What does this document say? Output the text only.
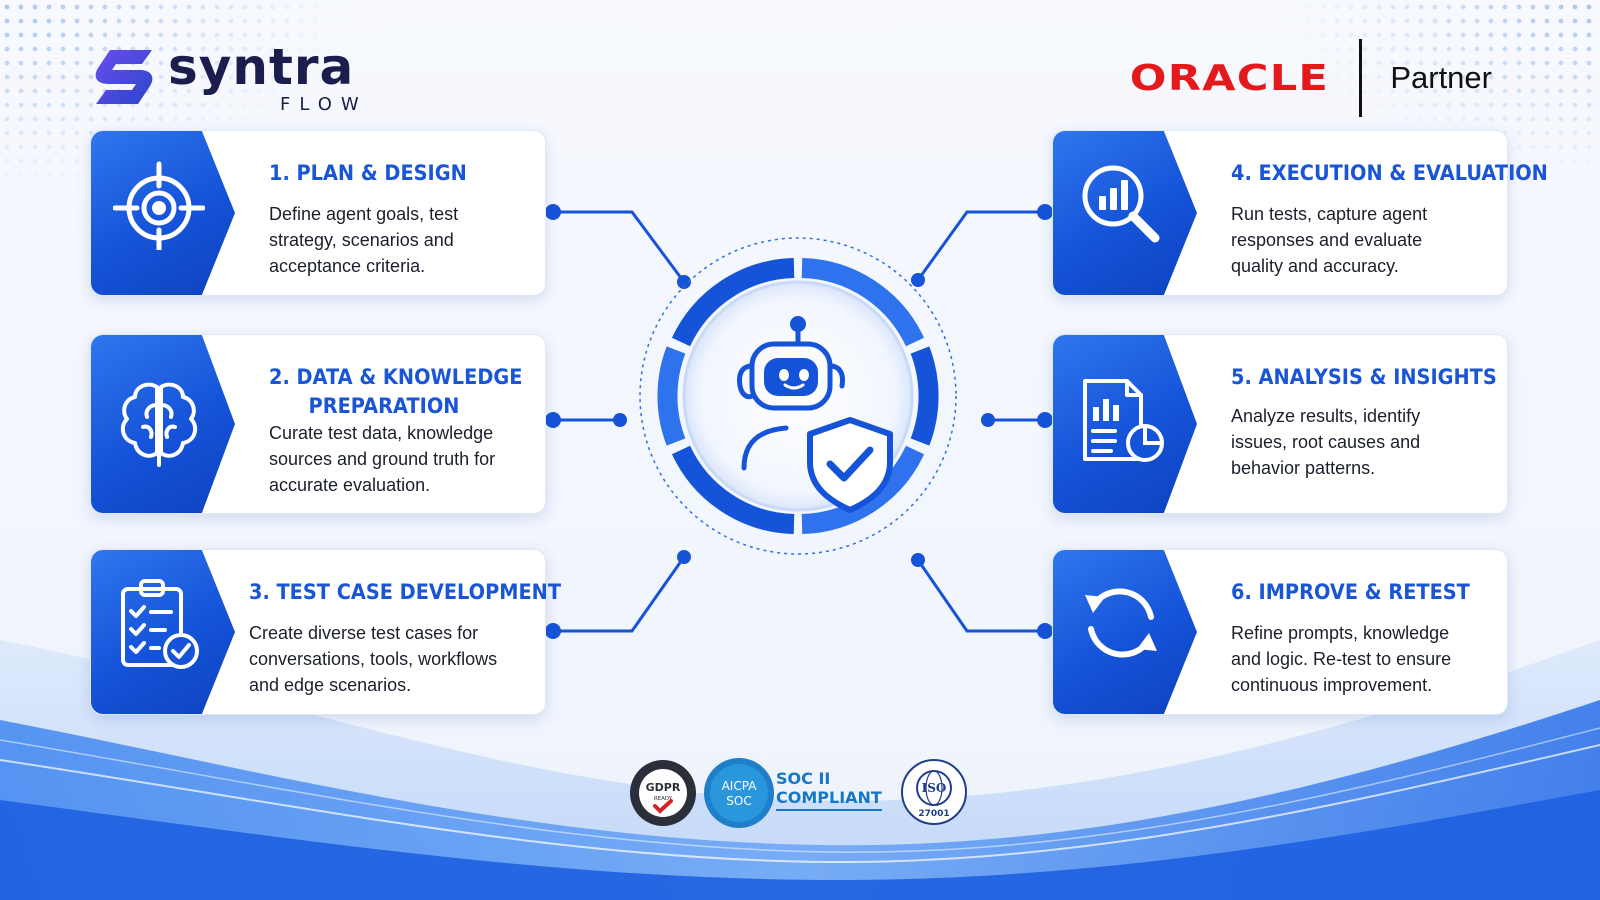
syntra
FLOW
ORACLE Partner
1. PLAN & DESIGN
Define agent goals, test strategy, scenarios and acceptance criteria.
2. DATA & KNOWLEDGE
PREPARATION
Curate test data, knowledge sources and ground truth for accurate evaluation.
3. TEST CASE DEVELOPMENT
Create diverse test cases for conversations, tools, workflows and edge scenarios.
4. EXECUTION & EVALUATION
Run tests, capture agent responses and evaluate quality and accuracy.
5. ANALYSIS & INSIGHTS
Analyze results, identify issues, root causes and behavior patterns.
6. IMPROVE & RETEST
Refine prompts, knowledge and logic. Re-test to ensure continuous improvement.
GDPR
READY
AICPA
SOC
SOC II
COMPLIANT	ISO
27001
